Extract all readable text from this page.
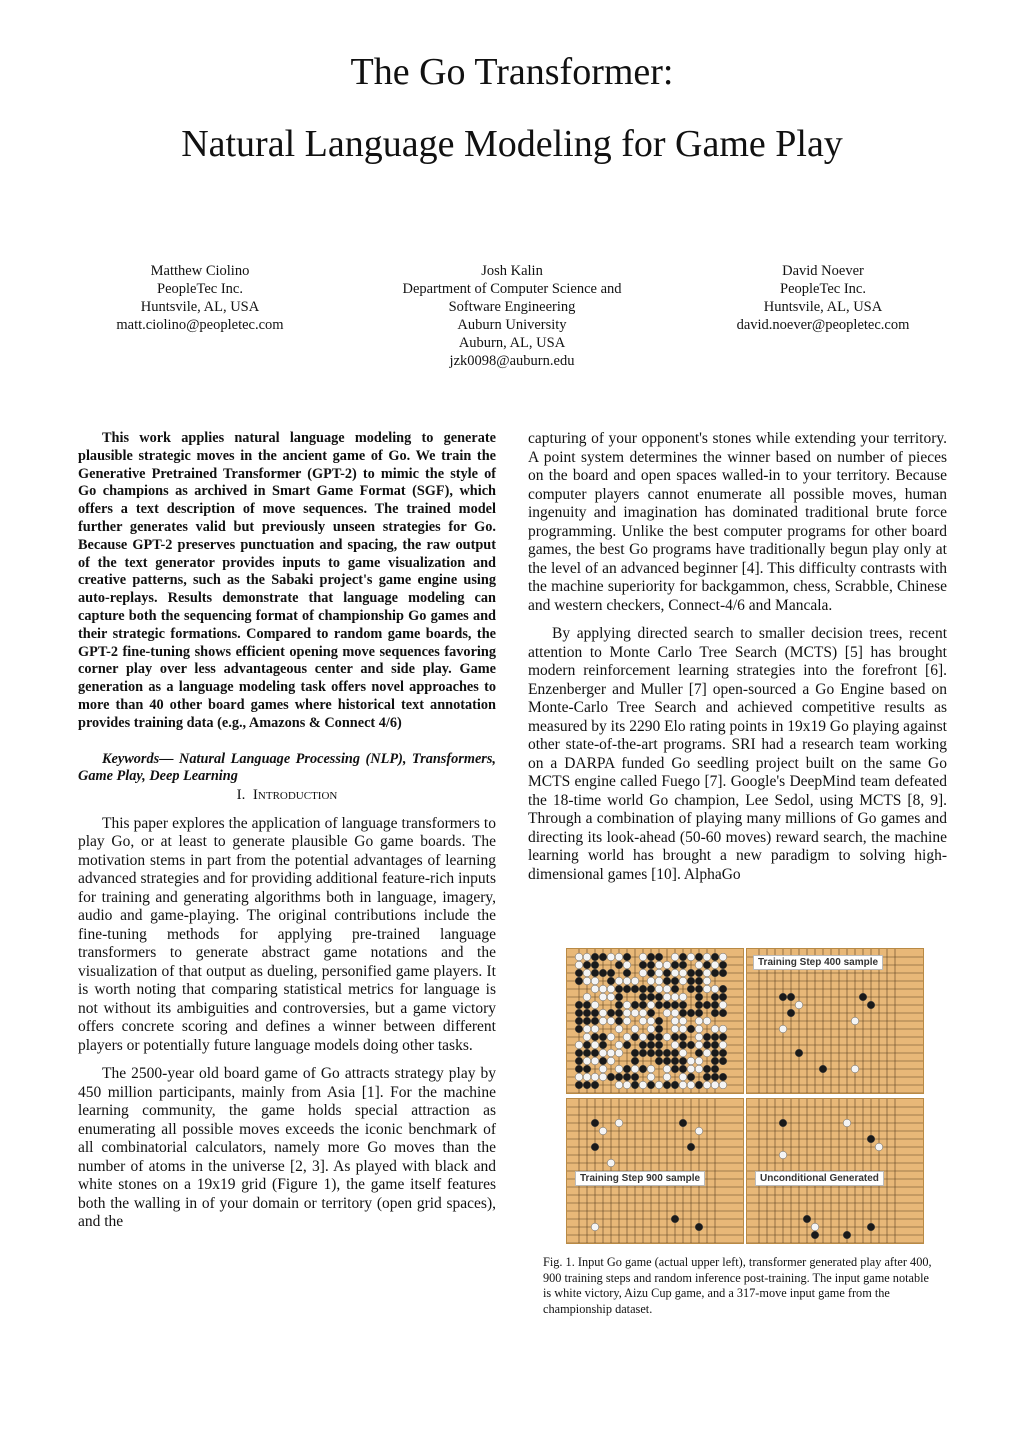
The Go Transformer:
Natural Language Modeling for Game Play
Matthew Ciolino
PeopleTec Inc.
Huntsvile, AL, USA
matt.ciolino@peopletec.com
Josh Kalin
Department of Computer Science and
Software Engineering
Auburn University
Auburn, AL, USA
jzk0098@auburn.edu
David Noever
PeopleTec Inc.
Huntsvile, AL, USA
david.noever@peopletec.com

This work applies natural language modeling to generate plausible strategic moves in the ancient game of Go. We train the Generative Pretrained Transformer (GPT-2) to mimic the style of Go champions as archived in Smart Game Format (SGF), which offers a text description of move sequences. The trained model further generates valid but previously unseen strategies for Go. Because GPT-2 preserves punctuation and spacing, the raw output of the text generator provides inputs to game visualization and creative patterns, such as the Sabaki project's game engine using auto-replays. Results demonstrate that language modeling can capture both the sequencing format of championship Go games and their strategic formations. Compared to random game boards, the GPT-2 fine-tuning shows efficient opening move sequences favoring corner play over less advantageous center and side play. Game generation as a language modeling task offers novel approaches to more than 40 other board games where historical text annotation provides training data (e.g., Amazons & Connect 4/6)

Keywords— Natural Language Processing (NLP), Transformers, Game Play, Deep Learning

I. Introduction

This paper explores the application of language transformers to play Go, or at least to generate plausible Go game boards. The motivation stems in part from the potential advantages of learning advanced strategies and for providing additional feature-rich inputs for training and generating algorithms both in language, imagery, audio and game-playing. The original contributions include the fine-tuning methods for applying pre-trained language transformers to generate abstract game notations and the visualization of that output as dueling, personified game players. It is worth noting that comparing statistical metrics for language is not without its ambiguities and controversies, but a game victory offers concrete scoring and defines a winner between different players or potentially future language models doing other tasks.

The 2500-year old board game of Go attracts strategy play by 450 million participants, mainly from Asia [1]. For the machine learning community, the game holds special attraction as enumerating all possible moves exceeds the iconic benchmark of all combinatorial calculators, namely more Go moves than the number of atoms in the universe [2, 3]. As played with black and white stones on a 19x19 grid (Figure 1), the game itself features both the walling in of your domain or territory (open grid spaces), and the

capturing of your opponent's stones while extending your territory. A point system determines the winner based on number of pieces on the board and open spaces walled-in to your territory. Because computer players cannot enumerate all possible moves, human ingenuity and imagination has dominated traditional brute force programming. Unlike the best computer programs for other board games, the best Go programs have traditionally begun play only at the level of an advanced beginner [4]. This difficulty contrasts with the machine superiority for backgammon, chess, Scrabble, Chinese and western checkers, Connect-4/6 and Mancala.

By applying directed search to smaller decision trees, recent attention to Monte Carlo Tree Search (MCTS) [5] has brought modern reinforcement learning strategies into the forefront [6]. Enzenberger and Muller [7] open-sourced a Go Engine based on Monte-Carlo Tree Search and achieved competitive results as measured by its 2290 Elo rating points in 19x19 Go playing against other state-of-the-art programs. SRI had a research team working on a DARPA funded Go seedling project built on the same Go MCTS engine called Fuego [7]. Google's DeepMind team defeated the 18-time world Go champion, Lee Sedol, using MCTS [8, 9]. Through a combination of playing many millions of Go games and directing its look-ahead (50-60 moves) reward search, the machine learning world has brought a new paradigm to solving high-dimensional games [10]. AlphaGo

Training Step 400 sample
Training Step 900 sample	Unconditional Generated
Fig. 1. Input Go game (actual upper left), transformer generated play after 400, 900 training steps and random inference post-training. The input game notable is white victory, Aizu Cup game, and a 317-move input game from the championship dataset.
